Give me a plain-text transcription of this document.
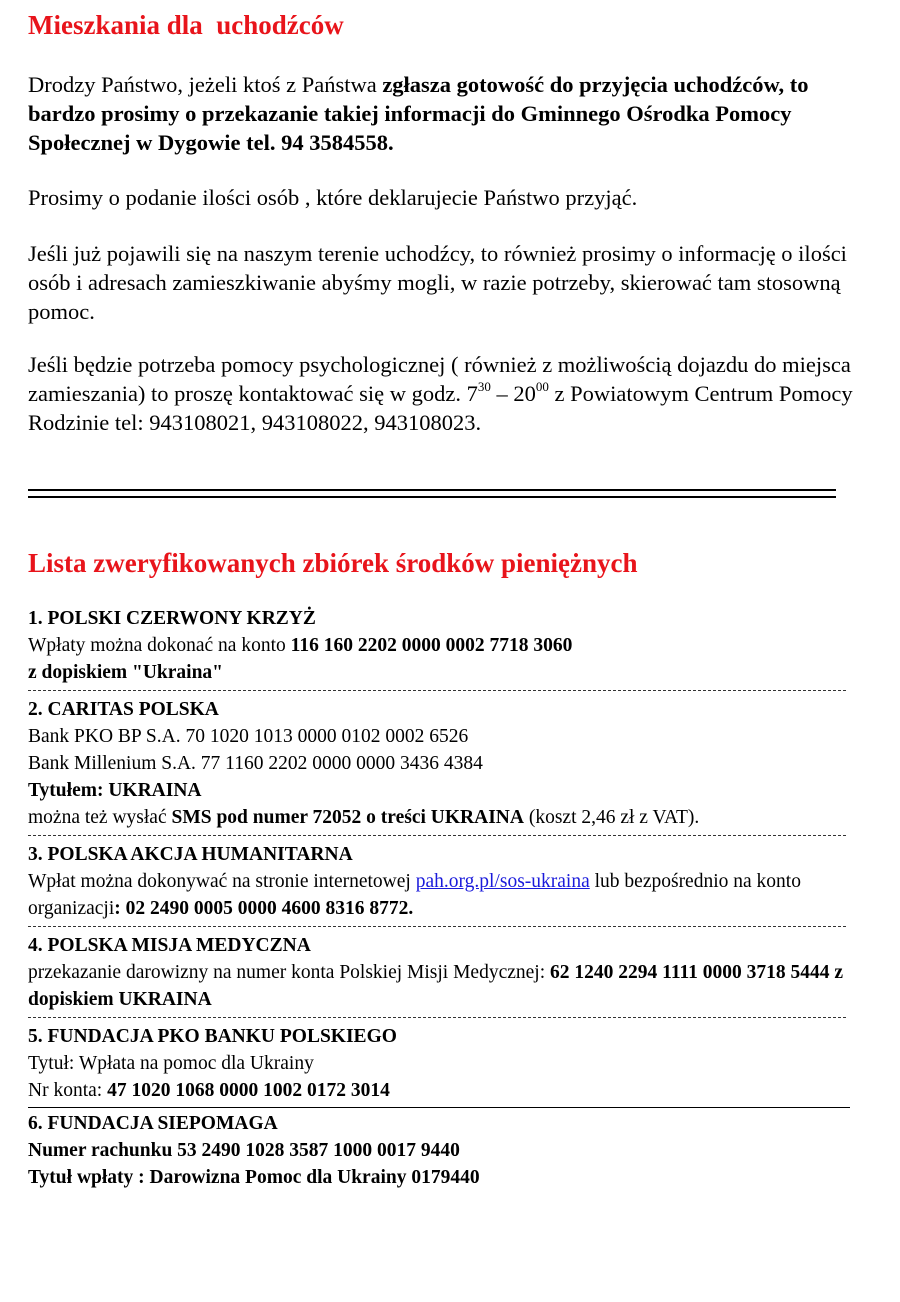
Mieszkania dla  uchodźców

Drodzy Państwo, jeżeli ktoś z Państwa zgłasza gotowość do przyjęcia uchodźców, to bardzo prosimy o przekazanie takiej informacji do Gminnego Ośrodka Pomocy Społecznej w Dygowie tel. 94 3584558.

Prosimy o podanie ilości osób , które deklarujecie Państwo przyjąć.

Jeśli już pojawili się na naszym terenie uchodźcy, to również prosimy o informację o ilości osób i adresach zamieszkiwanie abyśmy mogli, w razie potrzeby, skierować tam stosowną pomoc.

Jeśli będzie potrzeba pomocy psychologicznej ( również z możliwością dojazdu do miejsca zamieszania) to proszę kontaktować się w godz. $7^{30} - 20^{00}$ z Powiatowym Centrum Pomocy Rodzinie tel: 943108021, 943108022, 943108023.

Lista zweryfikowanych zbiórek środków pieniężnych

1. POLSKI CZERWONY KRZYŻ

Wpłaty można dokonać na konto 116 160 2202 0000 0002 7718 3060

z dopiskiem "Ukraina"

2. CARITAS POLSKA

Bank PKO BP S.A. 70 1020 1013 0000 0102 0002 6526

Bank Millenium S.A. 77 1160 2202 0000 0000 3436 4384

Tytułem: UKRAINA

można też wysłać SMS pod numer 72052 o treści UKRAINA (koszt 2,46 zł z VAT).

3. POLSKA AKCJA HUMANITARNA

Wpłat można dokonywać na stronie internetowej pah.org.pl/sos-ukraina lub bezpośrednio na konto organizacji: 02 2490 0005 0000 4600 8316 8772.

4. POLSKA MISJA MEDYCZNA

przekazanie darowizny na numer konta Polskiej Misji Medycznej: 62 1240 2294 1111 0000 3718 5444 z dopiskiem UKRAINA

5. FUNDACJA PKO BANKU POLSKIEGO

Tytuł: Wpłata na pomoc dla Ukrainy

Nr konta: 47 1020 1068 0000 1002 0172 3014

6. FUNDACJA SIEPOMAGA

Numer rachunku 53 2490 1028 3587 1000 0017 9440

Tytuł wpłaty : Darowizna Pomoc dla Ukrainy 0179440
